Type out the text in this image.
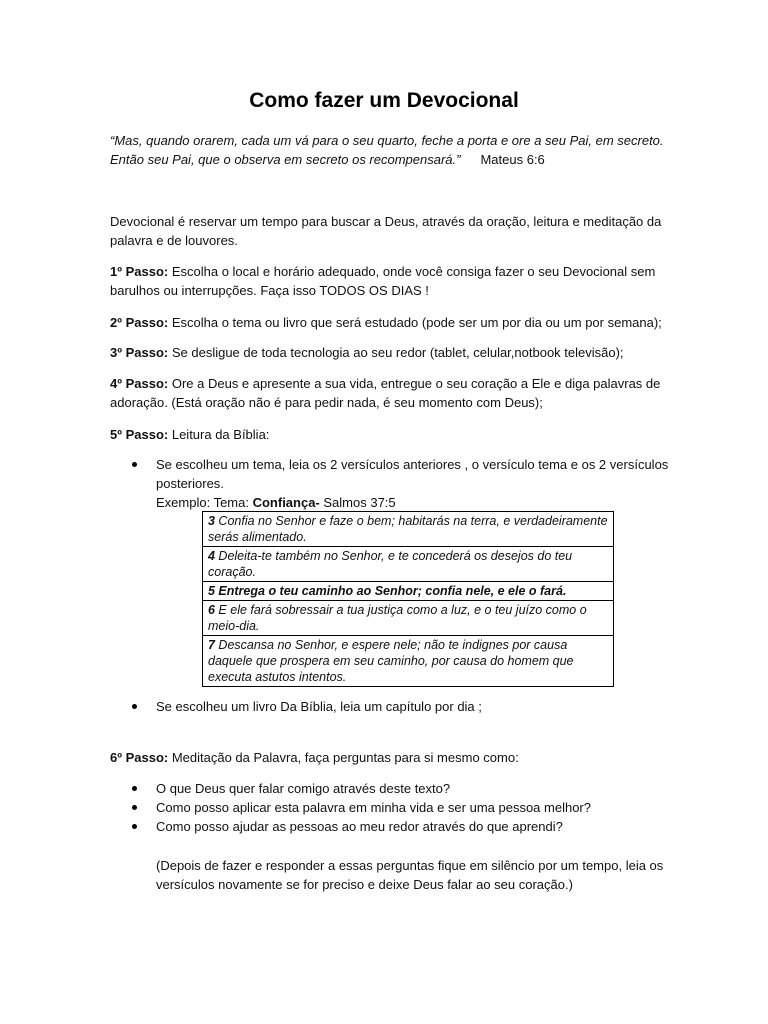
Como fazer um Devocional

“Mas, quando orarem, cada um vá para o seu quarto, feche a porta e ore a seu Pai, em secreto. Então seu Pai, que o observa em secreto os recompensará.” Mateus 6:6

Devocional é reservar um tempo para buscar a Deus, através da oração, leitura e meditação da palavra e de louvores.

1º Passo: Escolha o local e horário adequado, onde você consiga fazer o seu Devocional sem barulhos ou interrupções. Faça isso TODOS OS DIAS !

2º Passo: Escolha o tema ou livro que será estudado (pode ser um por dia ou um por semana);

3º Passo: Se desligue de toda tecnologia ao seu redor (tablet, celular,notbook televisão);

4º Passo: Ore a Deus e apresente a sua vida, entregue o seu coração a Ele e diga palavras de adoração. (Está oração não é para pedir nada, é seu momento com Deus);

5º Passo: Leitura da Bíblia:

Se escolheu um tema, leia os 2 versículos anteriores , o versículo tema e os 2 versículos posteriores.
Exemplo: Tema: Confiança- Salmos 37:5
3 Confia no Senhor e faze o bem; habitarás na terra, e verdadeiramente serás alimentado.
4 Deleita-te também no Senhor, e te concederá os desejos do teu coração.
5 Entrega o teu caminho ao Senhor; confia nele, e ele o fará.
6 E ele fará sobressair a tua justiça como a luz, e o teu juízo como o meio-dia.
7 Descansa no Senhor, e espere nele; não te indignes por causa daquele que prospera em seu caminho, por causa do homem que executa astutos intentos.
Se escolheu um livro Da Bíblia, leia um capítulo por dia ;

6º Passo: Meditação da Palavra, faça perguntas para si mesmo como:

O que Deus quer falar comigo através deste texto?
Como posso aplicar esta palavra em minha vida e ser uma pessoa melhor?
Como posso ajudar as pessoas ao meu redor através do que aprendi?

(Depois de fazer e responder a essas perguntas fique em silêncio por um tempo, leia os versículos novamente se for preciso e deixe Deus falar ao seu coração.)
